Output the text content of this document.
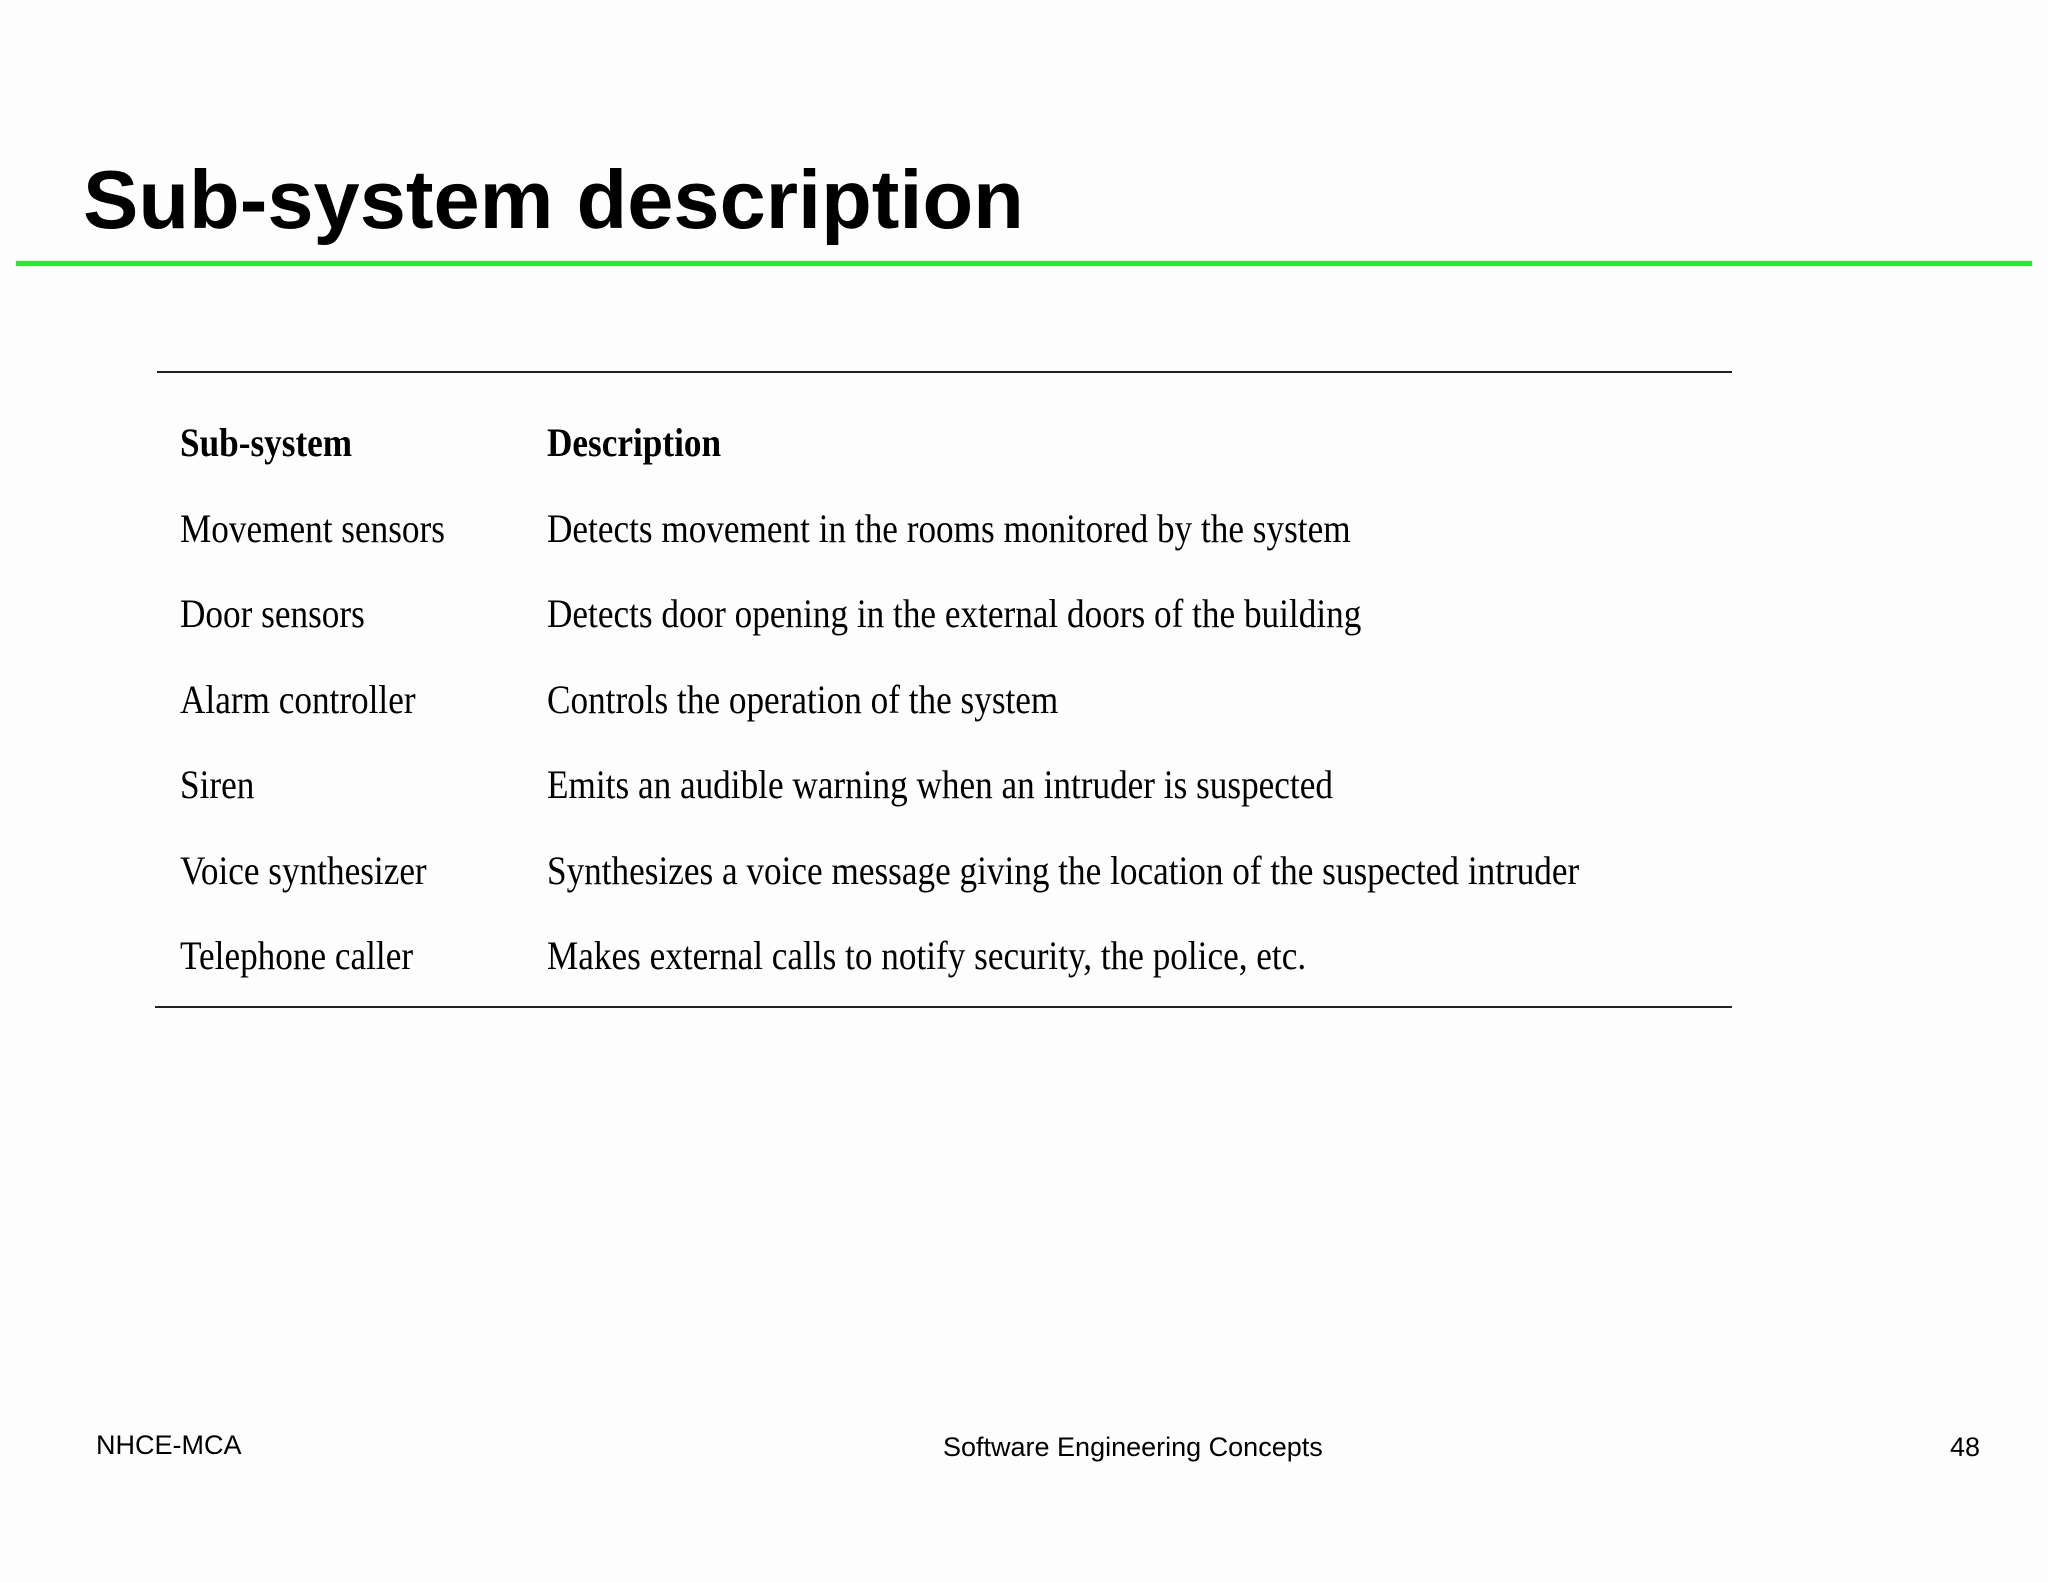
Sub-system description
Sub-system	Description
Movement sensors	Detects movement in the rooms monitored by the system
Door sensors	Detects door opening in the external doors of the building
Alarm controller	Controls the operation of the system
Siren	Emits an audible warning when an intruder is suspected
Voice synthesizer	Synthesizes a voice message giving the location of the suspected intruder
Telephone caller	Makes external calls to notify security, the police, etc.
NHCE-MCA	Software Engineering Concepts	48
